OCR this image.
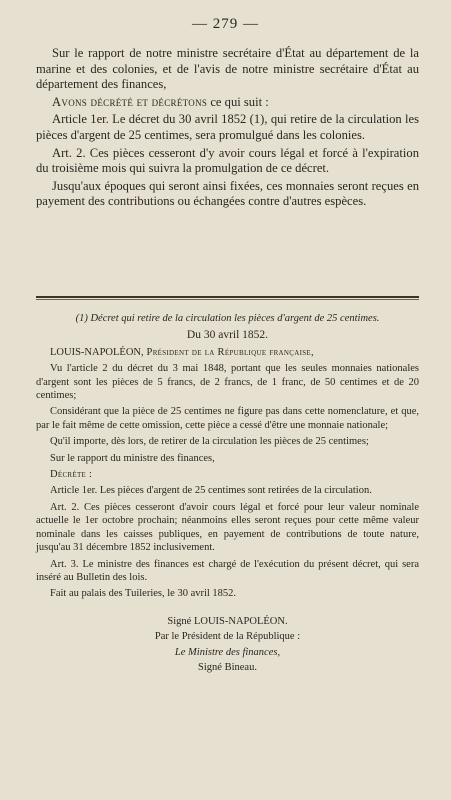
— 279 —

Sur le rapport de notre ministre secrétaire d'État au département de la marine et des colonies, et de l'avis de notre ministre secrétaire d'État au département des finances,

Avons décrété et décrétons ce qui suit :

Article 1er. Le décret du 30 avril 1852 (1), qui retire de la circulation les pièces d'argent de 25 centimes, sera promulgué dans les colonies.

Art. 2. Ces pièces cesseront d'y avoir cours légal et forcé à l'expiration du troisième mois qui suivra la promulgation de ce décret.

Jusqu'aux époques qui seront ainsi fixées, ces monnaies seront reçues en payement des contributions ou échangées contre d'autres espèces.

(1) Décret qui retire de la circulation les pièces d'argent de 25 centimes.

Du 30 avril 1852.

LOUIS-NAPOLÉON, Président de la République française,

Vu l'article 2 du décret du 3 mai 1848, portant que les seules monnaies nationales d'argent sont les pièces de 5 francs, de 2 francs, de 1 franc, de 50 centimes et de 20 centimes;

Considérant que la pièce de 25 centimes ne figure pas dans cette nomenclature, et que, par le fait même de cette omission, cette pièce a cessé d'être une monnaie nationale;

Qu'il importe, dès lors, de retirer de la circulation les pièces de 25 centimes;

Sur le rapport du ministre des finances,

Décrète :

Article 1er. Les pièces d'argent de 25 centimes sont retirées de la circulation.

Art. 2. Ces pièces cesseront d'avoir cours légal et forcé pour leur valeur nominale actuelle le 1er octobre prochain; néanmoins elles seront reçues pour cette même valeur nominale dans les caisses publiques, en payement de contributions de toute nature, jusqu'au 31 décembre 1852 inclusivement.

Art. 3. Le ministre des finances est chargé de l'exécution du présent décret, qui sera inséré au Bulletin des lois.

Fait au palais des Tuileries, le 30 avril 1852.

Signé LOUIS-NAPOLÉON.

Par le Président de la République :

Le Ministre des finances,

Signé Bineau.
